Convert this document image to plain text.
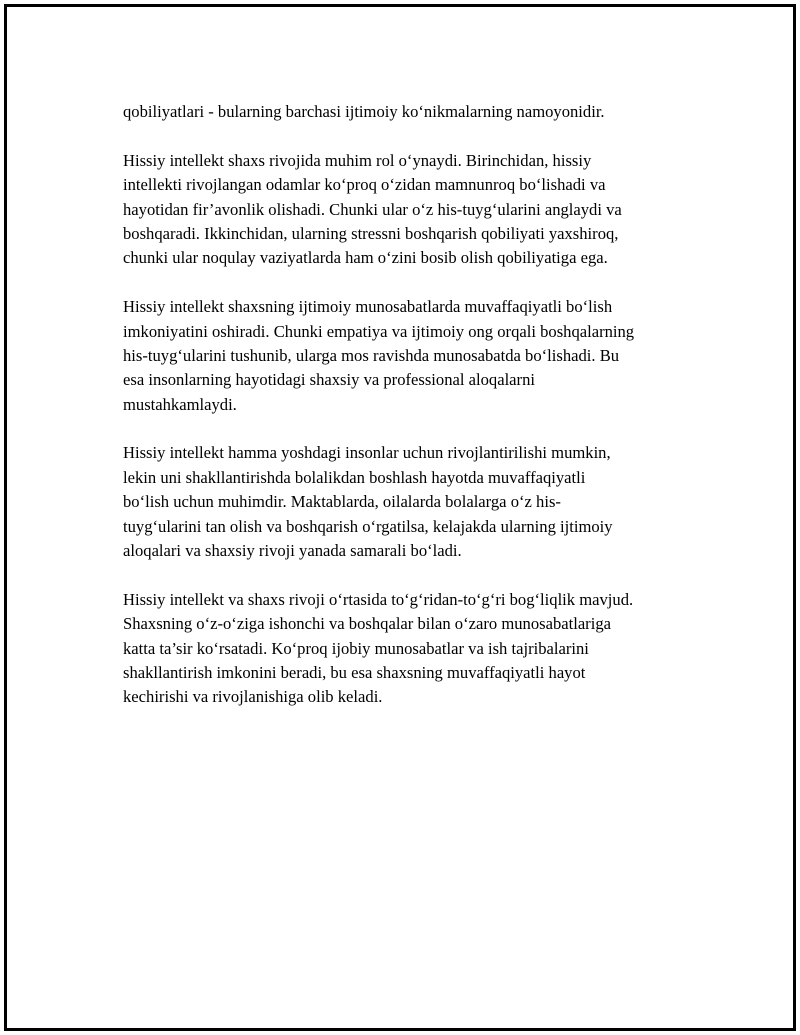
qobiliyatlari - bularning barchasi ijtimoiy ko‘nikmalarning namoyonidir.
Hissiy intellekt shaxs rivojida muhim rol o‘ynaydi. Birinchidan, hissiy
intellekti rivojlangan odamlar ko‘proq o‘zidan mamnunroq bo‘lishadi va
hayotidan fir’avonlik olishadi. Chunki ular o‘z his-tuyg‘ularini anglaydi va
boshqaradi. Ikkinchidan, ularning stressni boshqarish qobiliyati yaxshiroq,
chunki ular noqulay vaziyatlarda ham o‘zini bosib olish qobiliyatiga ega.
Hissiy intellekt shaxsning ijtimoiy munosabatlarda muvaffaqiyatli bo‘lish
imkoniyatini oshiradi. Chunki empatiya va ijtimoiy ong orqali boshqalarning
his-tuyg‘ularini tushunib, ularga mos ravishda munosabatda bo‘lishadi. Bu
esa insonlarning hayotidagi shaxsiy va professional aloqalarni
mustahkamlaydi.
Hissiy intellekt hamma yoshdagi insonlar uchun rivojlantirilishi mumkin,
lekin uni shakllantirishda bolalikdan boshlash hayotda muvaffaqiyatli
bo‘lish uchun muhimdir. Maktablarda, oilalarda bolalarga o‘z his-
tuyg‘ularini tan olish va boshqarish o‘rgatilsa, kelajakda ularning ijtimoiy
aloqalari va shaxsiy rivoji yanada samarali bo‘ladi.
Hissiy intellekt va shaxs rivoji o‘rtasida to‘g‘ridan-to‘g‘ri bog‘liqlik mavjud.
Shaxsning o‘z-o‘ziga ishonchi va boshqalar bilan o‘zaro munosabatlariga
katta ta’sir ko‘rsatadi. Ko‘proq ijobiy munosabatlar va ish tajribalarini
shakllantirish imkonini beradi, bu esa shaxsning muvaffaqiyatli hayot
kechirishi va rivojlanishiga olib keladi.
